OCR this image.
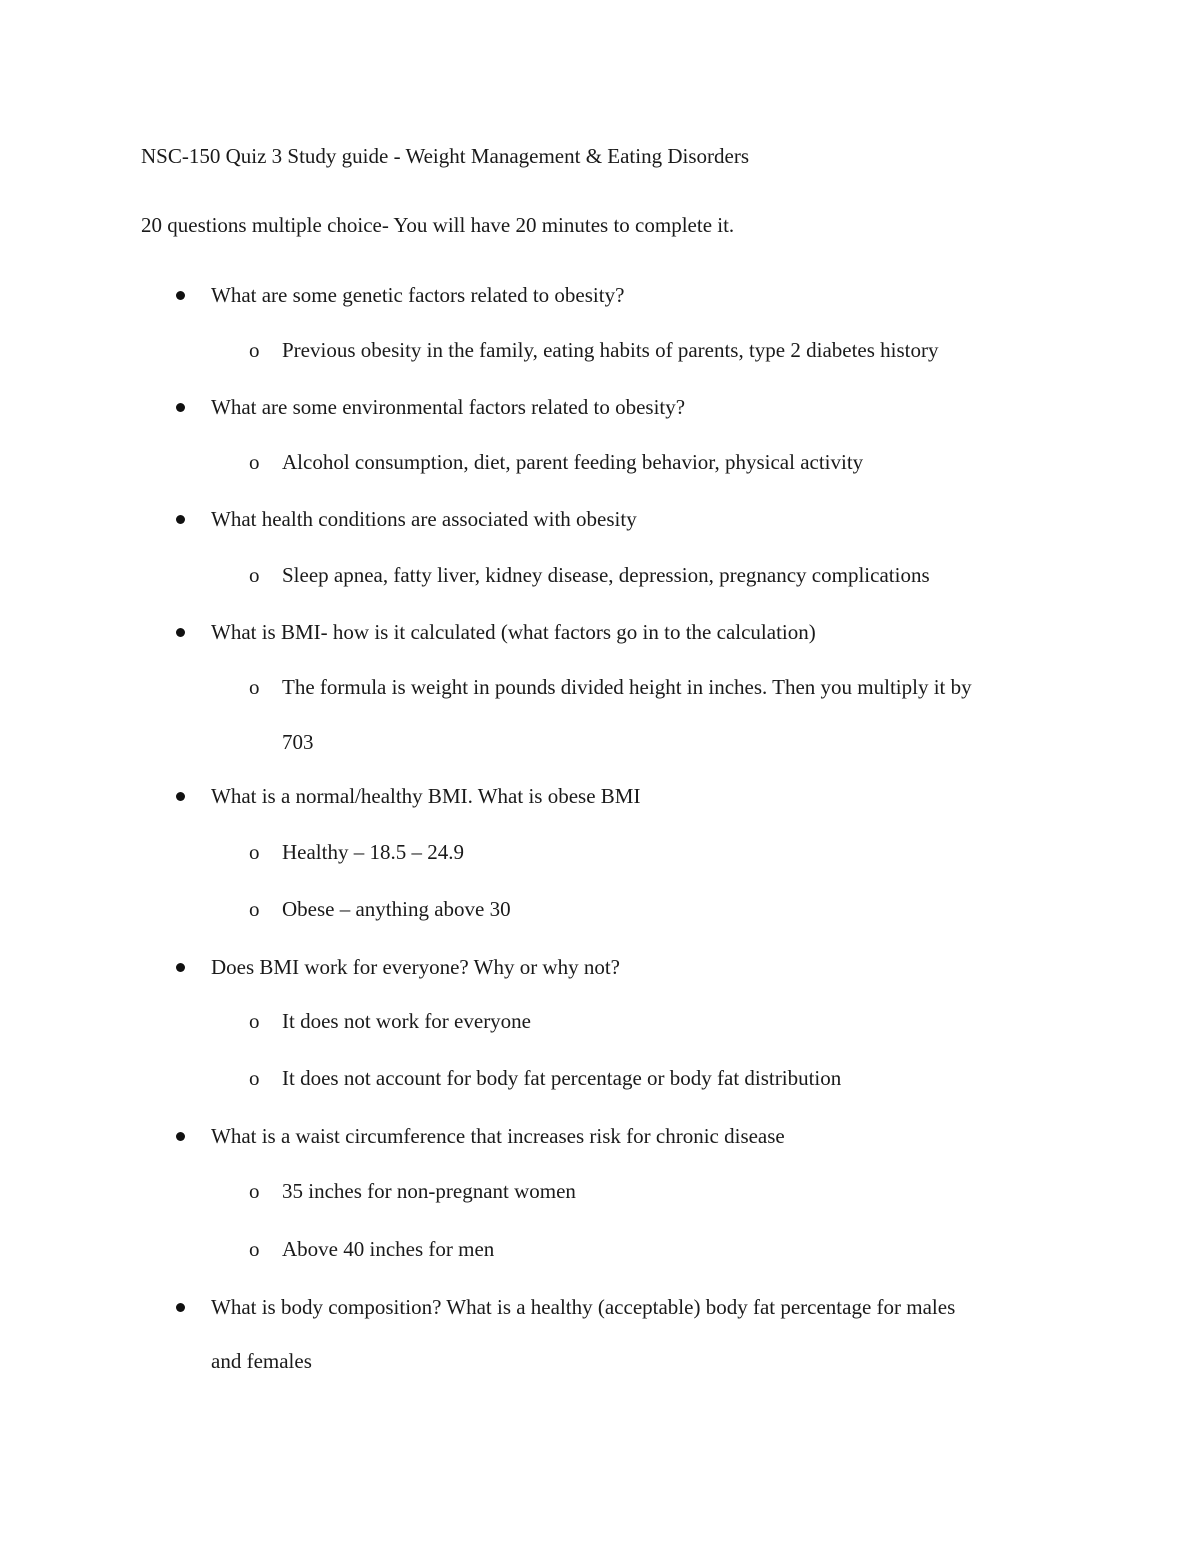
NSC-150 Quiz 3 Study guide - Weight Management & Eating Disorders
20 questions multiple choice- You will have 20 minutes to complete it.
What are some genetic factors related to obesity?
o Previous obesity in the family, eating habits of parents, type 2 diabetes history
What are some environmental factors related to obesity?
o Alcohol consumption, diet, parent feeding behavior, physical activity
What health conditions are associated with obesity
o Sleep apnea, fatty liver, kidney disease, depression, pregnancy complications
What is BMI- how is it calculated (what factors go in to the calculation)
o The formula is weight in pounds divided height in inches. Then you multiply it by
703
What is a normal/healthy BMI. What is obese BMI
o Healthy – 18.5 – 24.9
o Obese – anything above 30
Does BMI work for everyone? Why or why not?
o It does not work for everyone
o It does not account for body fat percentage or body fat distribution
What is a waist circumference that increases risk for chronic disease
o 35 inches for non-pregnant women
o Above 40 inches for men
What is body composition? What is a healthy (acceptable) body fat percentage for males
and females
